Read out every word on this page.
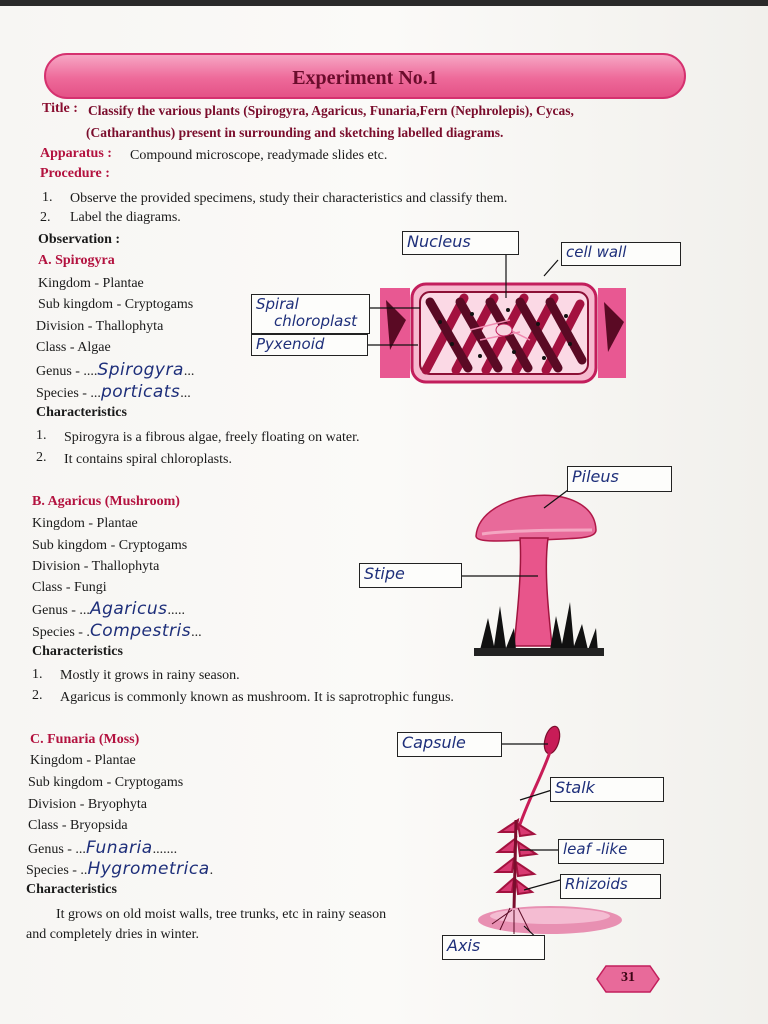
Experiment No.1
Title : Classify the various plants (Spirogyra, Agaricus, Funaria,Fern (Nephrolepis), Cycas,
(Catharanthus) present in surrounding and sketching labelled diagrams.
Apparatus : Compound microscope, readymade slides etc.
Procedure :
1. Observe the provided specimens, study their characteristics and classify them.
2. Label the diagrams.
Observation :
A. Spirogyra
Kingdom - Plantae
Sub kingdom - Cryptogams
Division - Thallophyta
Class - Algae
Genus - ....Spirogyra...
Species - ...porticats...
Characteristics
1. Spirogyra is a fibrous algae, freely floating on water.
2. It contains spiral chloroplasts.
Nucleus
cell wall
Spiral
chloroplast
Pyxenoid
B. Agaricus (Mushroom)
Kingdom - Plantae
Sub kingdom - Cryptogams
Division - Thallophyta
Class - Fungi
Genus - ...Agaricus.....
Species - .Compestris...
Characteristics
1. Mostly it grows in rainy season.
2. Agaricus is commonly known as mushroom. It is saprotrophic fungus.
Pileus
Stipe
C. Funaria (Moss)
Kingdom - Plantae
Sub kingdom - Cryptogams
Division - Bryophyta
Class - Bryopsida
Genus - ...Funaria.......
Species - ..Hygrometrica.
Characteristics
It grows on old moist walls, tree trunks, etc in rainy season
and completely dries in winter.
Capsule
Stalk
leaf -like
Rhizoids
Axis
31
